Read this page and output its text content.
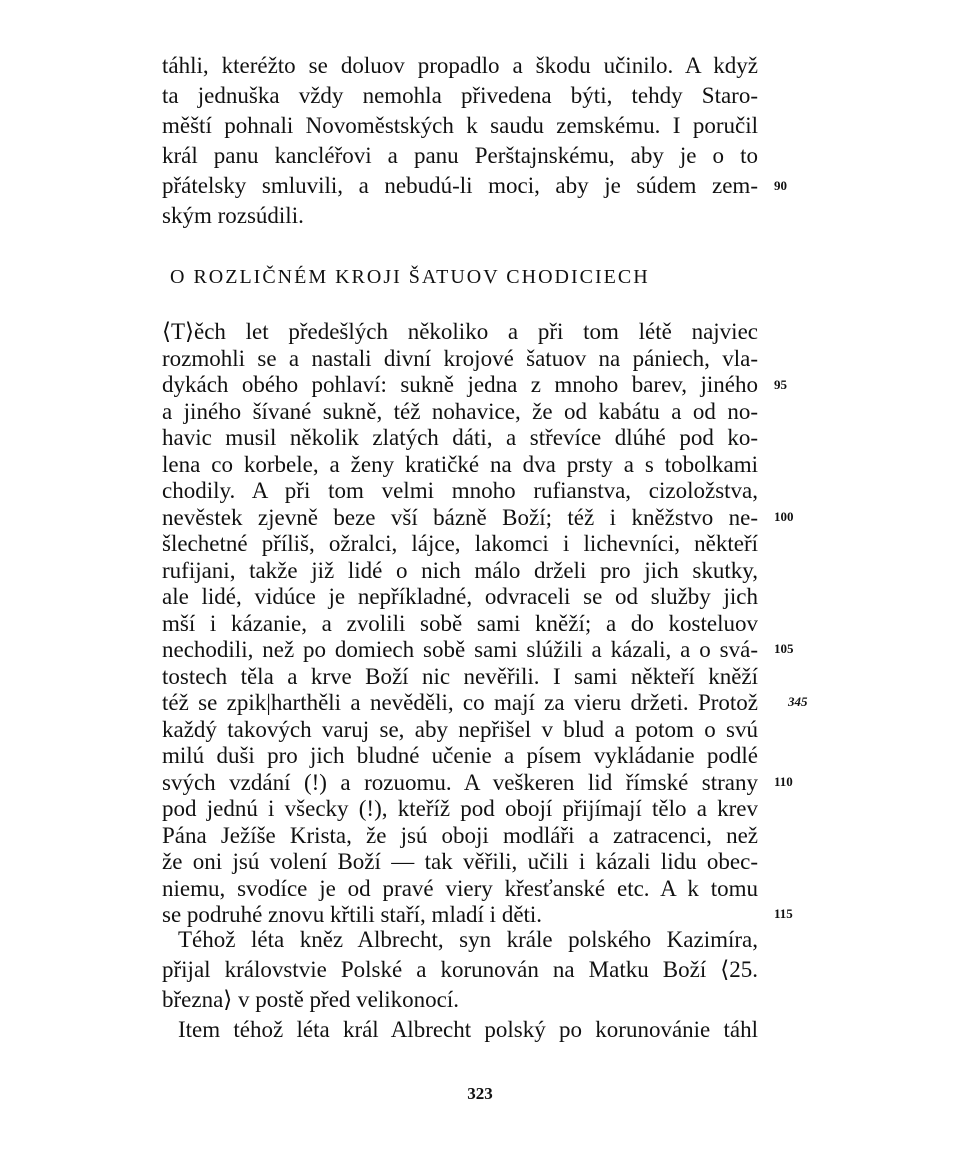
táhli, kteréžto se doluov propadlo a škodu učinilo. A když
ta jednuška vždy nemohla přivedena býti, tehdy Staro-
měští pohnali Novoměstských k saudu zemskému. I poručil
král panu kancléřovi a panu Perštajnskému, aby je o to
přátelsky smluvili, a nebudú-li moci, aby je súdem zem-
ským rozsúdili.
90
O ROZLIČNÉM KROJI ŠATUOV CHODICIECH
⟨T⟩ěch let předešlých několiko a při tom létě najviec
rozmohli se a nastali divní krojové šatuov na pániech, vla-
dykách obého pohlaví: sukně jedna z mnoho barev, jiného
a jiného šívané sukně, též nohavice, že od kabátu a od no-
havic musil několik zlatých dáti, a střevíce dlúhé pod ko-
lena co korbele, a ženy kratičké na dva prsty a s tobolkami
chodily. A při tom velmi mnoho rufianstva, cizoložstva,
nevěstek zjevně beze vší bázně Boží; též i kněžstvo ne-
šlechetné příliš, ožralci, lájce, lakomci i lichevníci, někteří
rufijani, takže již lidé o nich málo drželi pro jich skutky,
ale lidé, vidúce je nepříkladné, odvraceli se od služby jich
mší i kázanie, a zvolili sobě sami kněží; a do kosteluov
nechodili, než po domiech sobě sami slúžili a kázali, a o svá-
tostech těla a krve Boží nic nevěřili. I sami někteří kněží
též se zpik|harthěli a nevěděli, co mají za vieru držeti. Protož
každý takových varuj se, aby nepřišel v blud a potom o svú
milú duši pro jich bludné učenie a písem vykládanie podlé
svých vzdání (!) a rozuomu. A veškeren lid římské strany
pod jednú i všecky (!), kteříž pod obojí přijímají tělo a krev
Pána Ježíše Krista, že jsú oboji modláři a zatracenci, než
že oni jsú volení Boží — tak věřili, učili i kázali lidu obec-
niemu, svodíce je od pravé viery křesťanské etc. A k tomu
se podruhé znovu křtili staří, mladí i děti.
Téhož léta kněz Albrecht, syn krále polského Kazimíra,
přijal královstvie Polské a korunován na Matku Boží ⟨25.
března⟩ v postě před velikonocí.
Item téhož léta král Albrecht polský po korunovánie táhl
95
100
105
110
115
345
323
